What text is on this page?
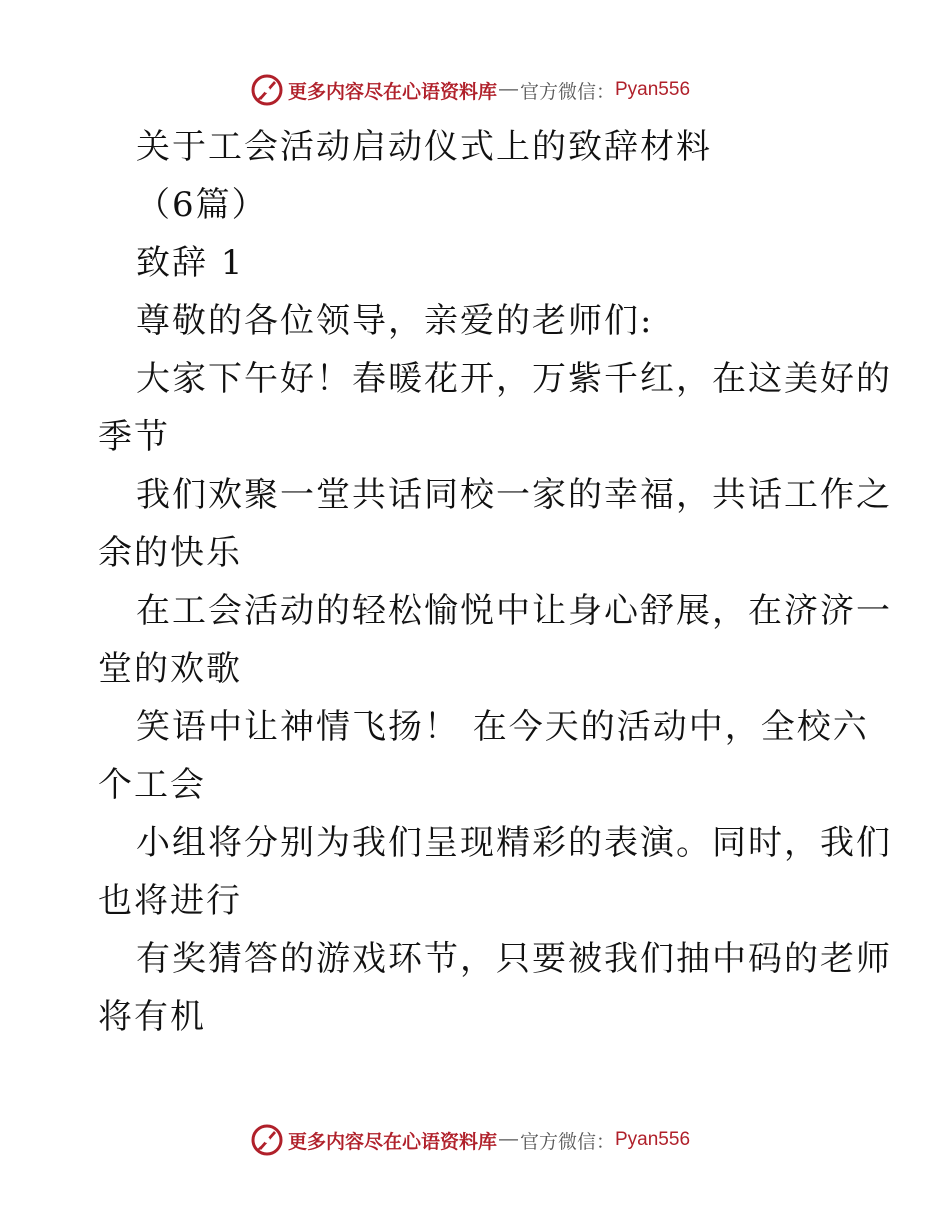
更多内容尽在心语资料库 — 官方微信： Pyan556
关于工会活动启动仪式上的致辞材料
（6篇）
致辞 1
尊敬的各位领导，亲爱的老师们:
大家下午好！春暖花开，万紫千红，在这美好的
季节
我们欢聚一堂共话同校一家的幸福，共话工作之
余的快乐
在工会活动的轻松愉悦中让身心舒展，在济济一
堂的欢歌
笑语中让神情飞扬！ 在今天的活动中，全校六
个工会
小组将分别为我们呈现精彩的表演。同时，我们
也将进行
有奖猜答的游戏环节，只要被我们抽中码的老师
将有机
更多内容尽在心语资料库 — 官方微信： Pyan556
